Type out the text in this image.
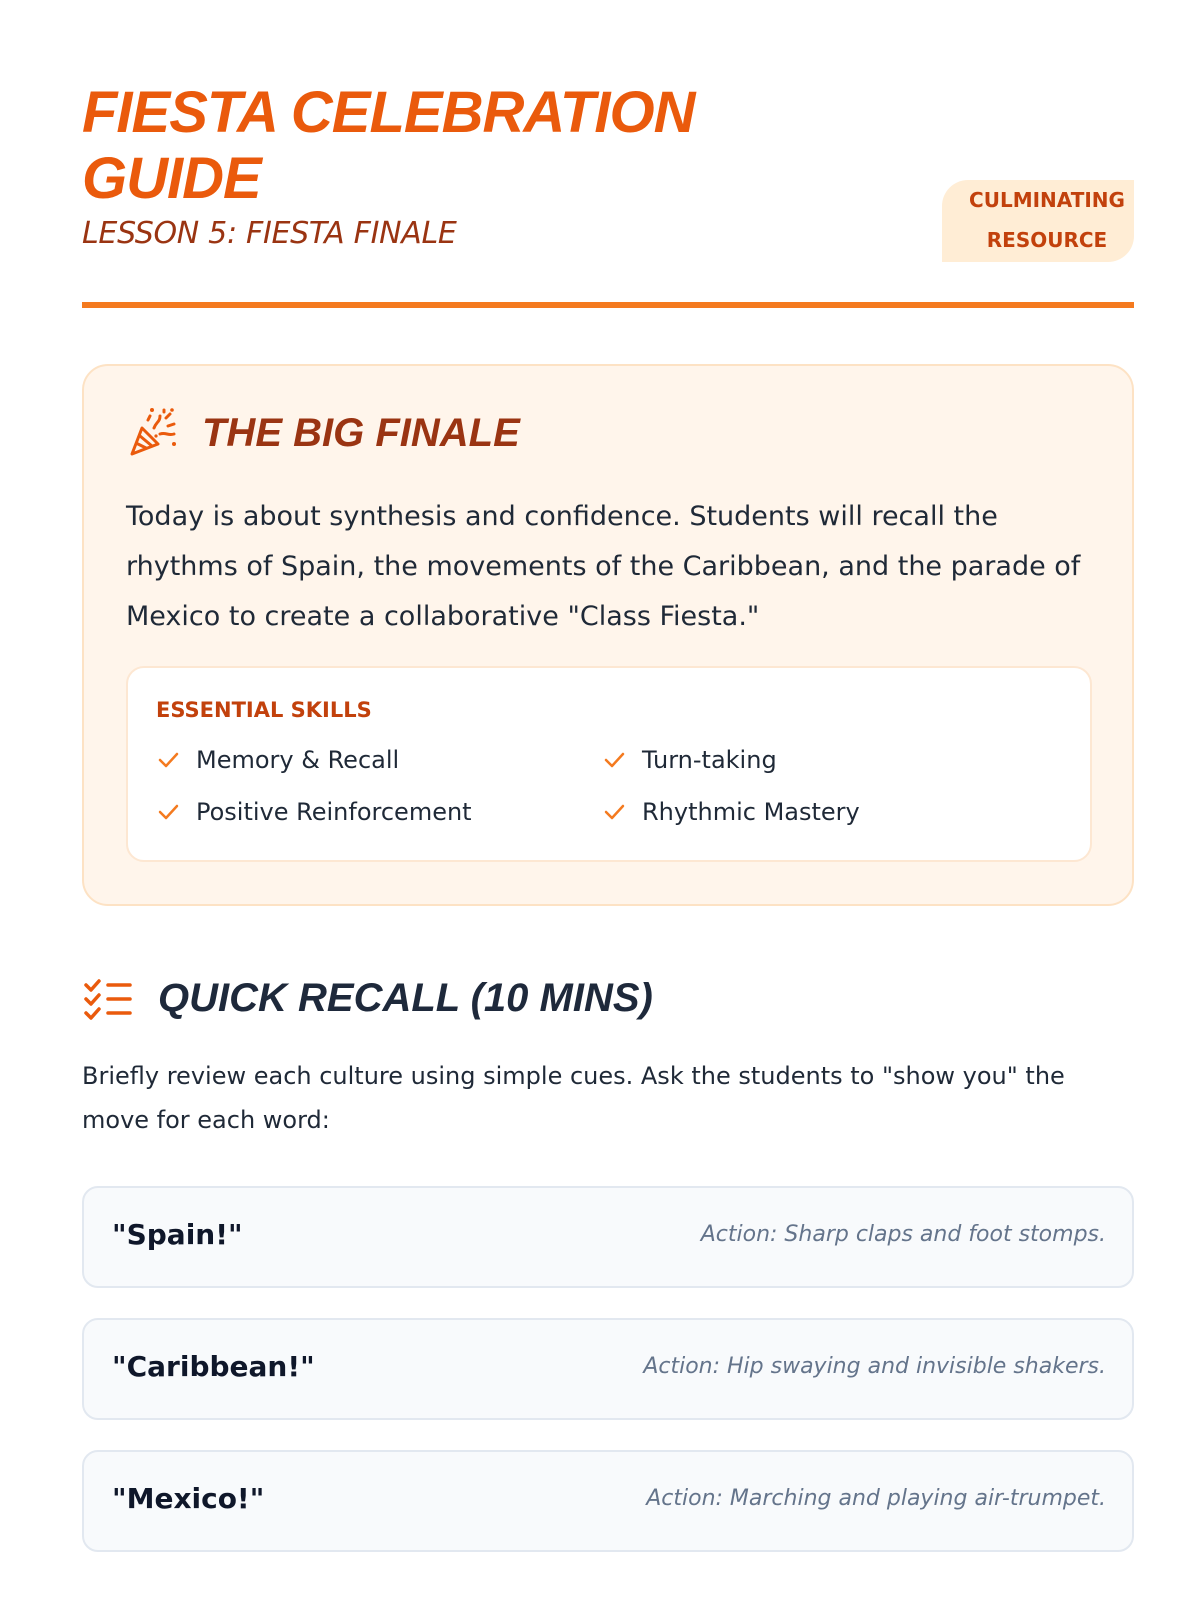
FIESTA CELEBRATION GUIDE
LESSON 5: FIESTA FINALE
CULMINATING
RESOURCE
THE BIG FINALE

Today is about synthesis and confidence. Students will recall the rhythms of Spain, the movements of the Caribbean, and the parade of Mexico to create a collaborative "Class Fiesta."

ESSENTIAL SKILLS
Memory & Recall	Turn-taking
Positive Reinforcement	Rhythmic Mastery
QUICK RECALL (10 MINS)

Briefly review each culture using simple cues. Ask the students to "show you" the move for each word:

"Spain!"	Action: Sharp claps and foot stomps.
"Caribbean!"	Action: Hip swaying and invisible shakers.
"Mexico!"	Action: Marching and playing air-trumpet.
